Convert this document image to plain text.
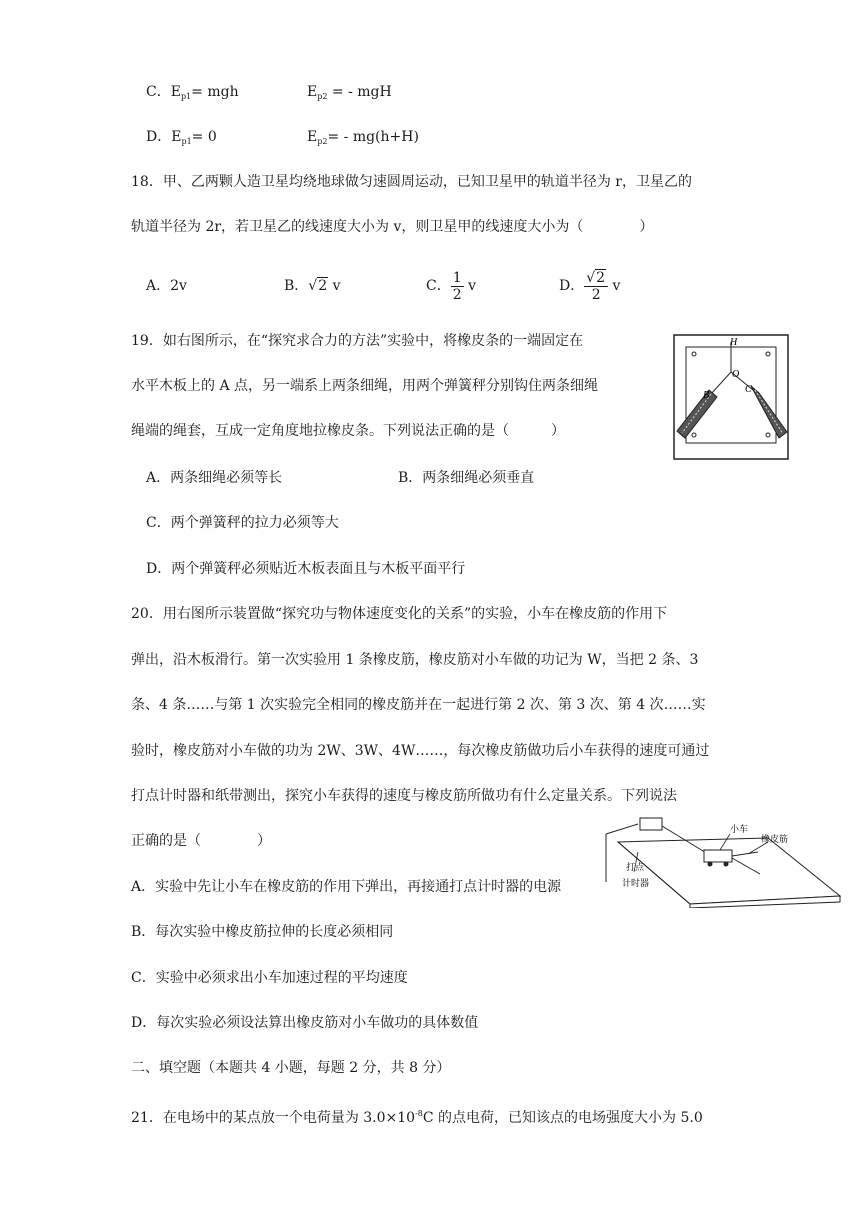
C．$E_{p1}=$ mgh	$E_{p2}$ = - mgH
D．$E_{p1}= 0$	$E_{p2}= - mg(h+H)$
18．甲、乙两颗人造卫星均绕地球做匀速圆周运动，已知卫星甲的轨道半径为 r，卫星乙的
轨道半径为 2r，若卫星乙的线速度大小为 v，则卫星甲的线速度大小为（　　　　）
A．2v	B．√2 v	C． $\frac{1}{2}$ v	D． $\frac{√2}{2}$ v
19．如右图所示，在“探究求合力的方法”实验中，将橡皮条的一端固定在
水平木板上的 A 点，另一端系上两条细绳，用两个弹簧秤分别钩住两条细绳
绳端的绳套，互成一定角度地拉橡皮条。下列说法正确的是（　　　）
H
O
B
C
A．两条细绳必须等长	B．两条细绳必须垂直
C．两个弹簧秤的拉力必须等大
D．两个弹簧秤必须贴近木板表面且与木板平面平行
20．用右图所示装置做“探究功与物体速度变化的关系”的实验，小车在橡皮筋的作用下
弹出，沿木板滑行。第一次实验用 1 条橡皮筋，橡皮筋对小车做的功记为 W，当把 2 条、3
条、4 条……与第 1 次实验完全相同的橡皮筋并在一起进行第 2 次、第 3 次、第 4 次……实
验时，橡皮筋对小车做的功为 2W、3W、4W……，每次橡皮筋做功后小车获得的速度可通过
打点计时器和纸带测出，探究小车获得的速度与橡皮筋所做功有什么定量关系。下列说法
正确的是（　　　　）
小车
橡皮筋
打点
计时器
A．实验中先让小车在橡皮筋的作用下弹出，再接通打点计时器的电源
B．每次实验中橡皮筋拉伸的长度必须相同
C．实验中必须求出小车加速过程的平均速度
D．每次实验必须设法算出橡皮筋对小车做功的具体数值
二、填空题（本题共 4 小题，每题 2 分，共 8 分）
21．在电场中的某点放一个电荷量为 $3.0\times 10^{-8}C$ 的点电荷，已知该点的电场强度大小为 5.0
